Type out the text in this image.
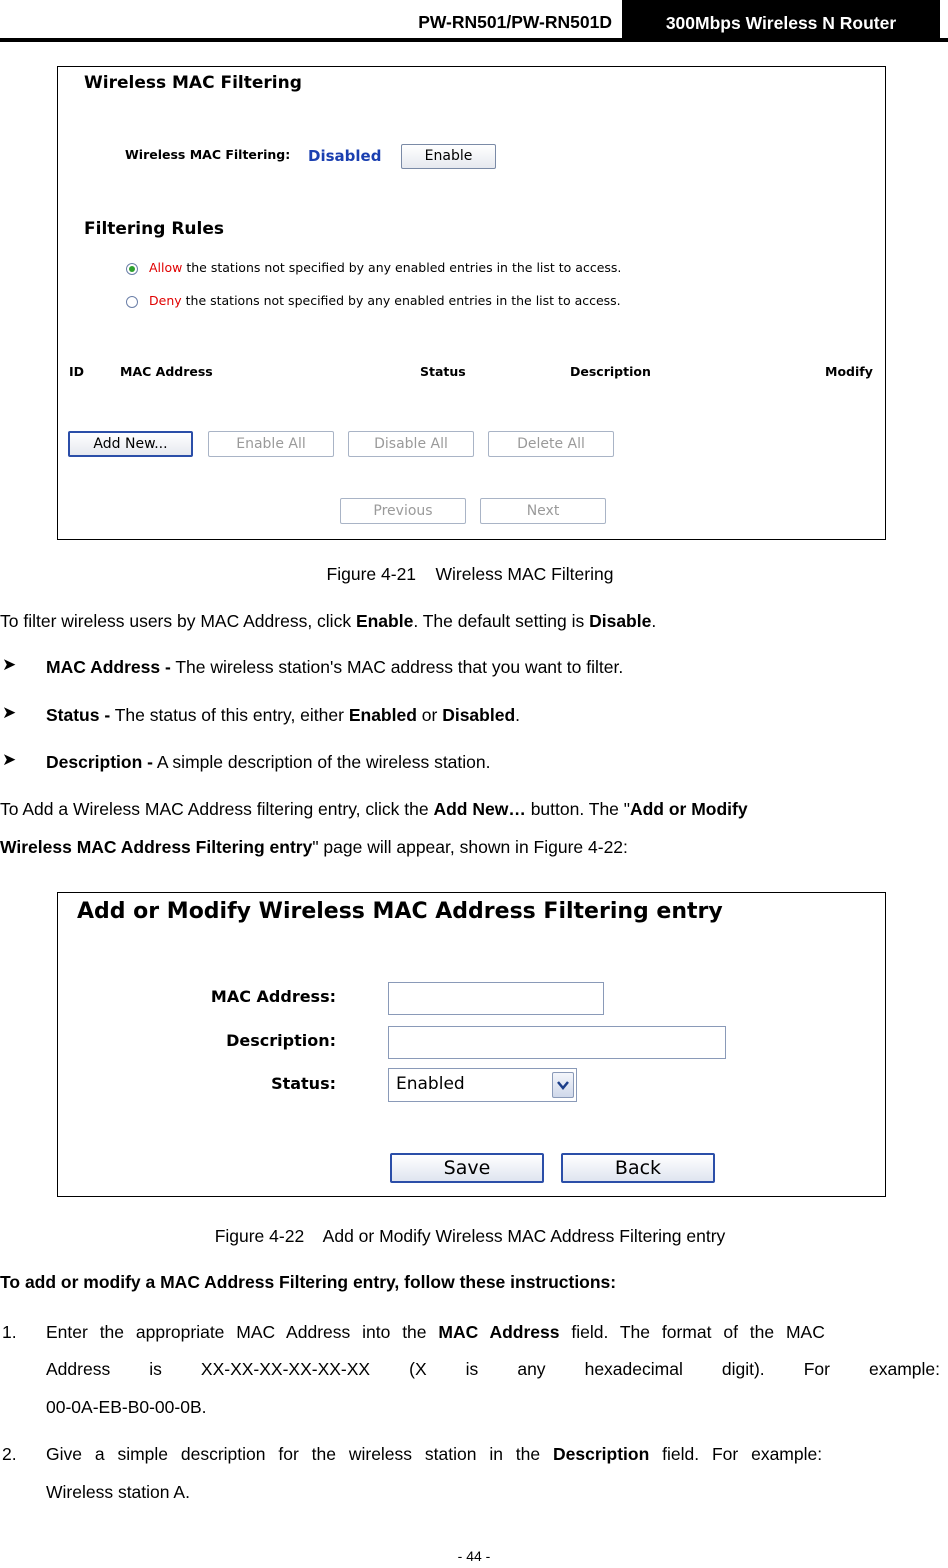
PW-RN501/PW-RN501D	300Mbps Wireless N Router
Wireless MAC Filtering
Wireless MAC Filtering: Disabled	Enable
Filtering Rules
Allow the stations not specified by any enabled entries in the list to access.
Deny the stations not specified by any enabled entries in the list to access.
ID	MAC Address	Status	Description	Modify
Add New...	Enable All	Disable All	Delete All
Previous	Next
Figure 4-21    Wireless MAC Filtering
To filter wireless users by MAC Address, click Enable. The default setting is Disable.
➤ MAC Address - The wireless station's MAC address that you want to filter.
➤ Status - The status of this entry, either Enabled or Disabled.
➤ Description - A simple description of the wireless station.
To Add a Wireless MAC Address filtering entry, click the Add New… button. The "Add or Modify
Wireless MAC Address Filtering entry" page will appear, shown in Figure 4-22:
Add or Modify Wireless MAC Address Filtering entry
MAC Address:
Description:
Status:	Enabled
Save	Back
Figure 4-22    Add or Modify Wireless MAC Address Filtering entry
To add or modify a MAC Address Filtering entry, follow these instructions:
1. Enter the appropriate MAC Address into the MAC Address field. The format of the MAC
Address is XX-XX-XX-XX-XX-XX (X is any hexadecimal digit). For example:
00-0A-EB-B0-00-0B.
2. Give a simple description for the wireless station in the Description field. For example:
Wireless station A.
- 44 -
